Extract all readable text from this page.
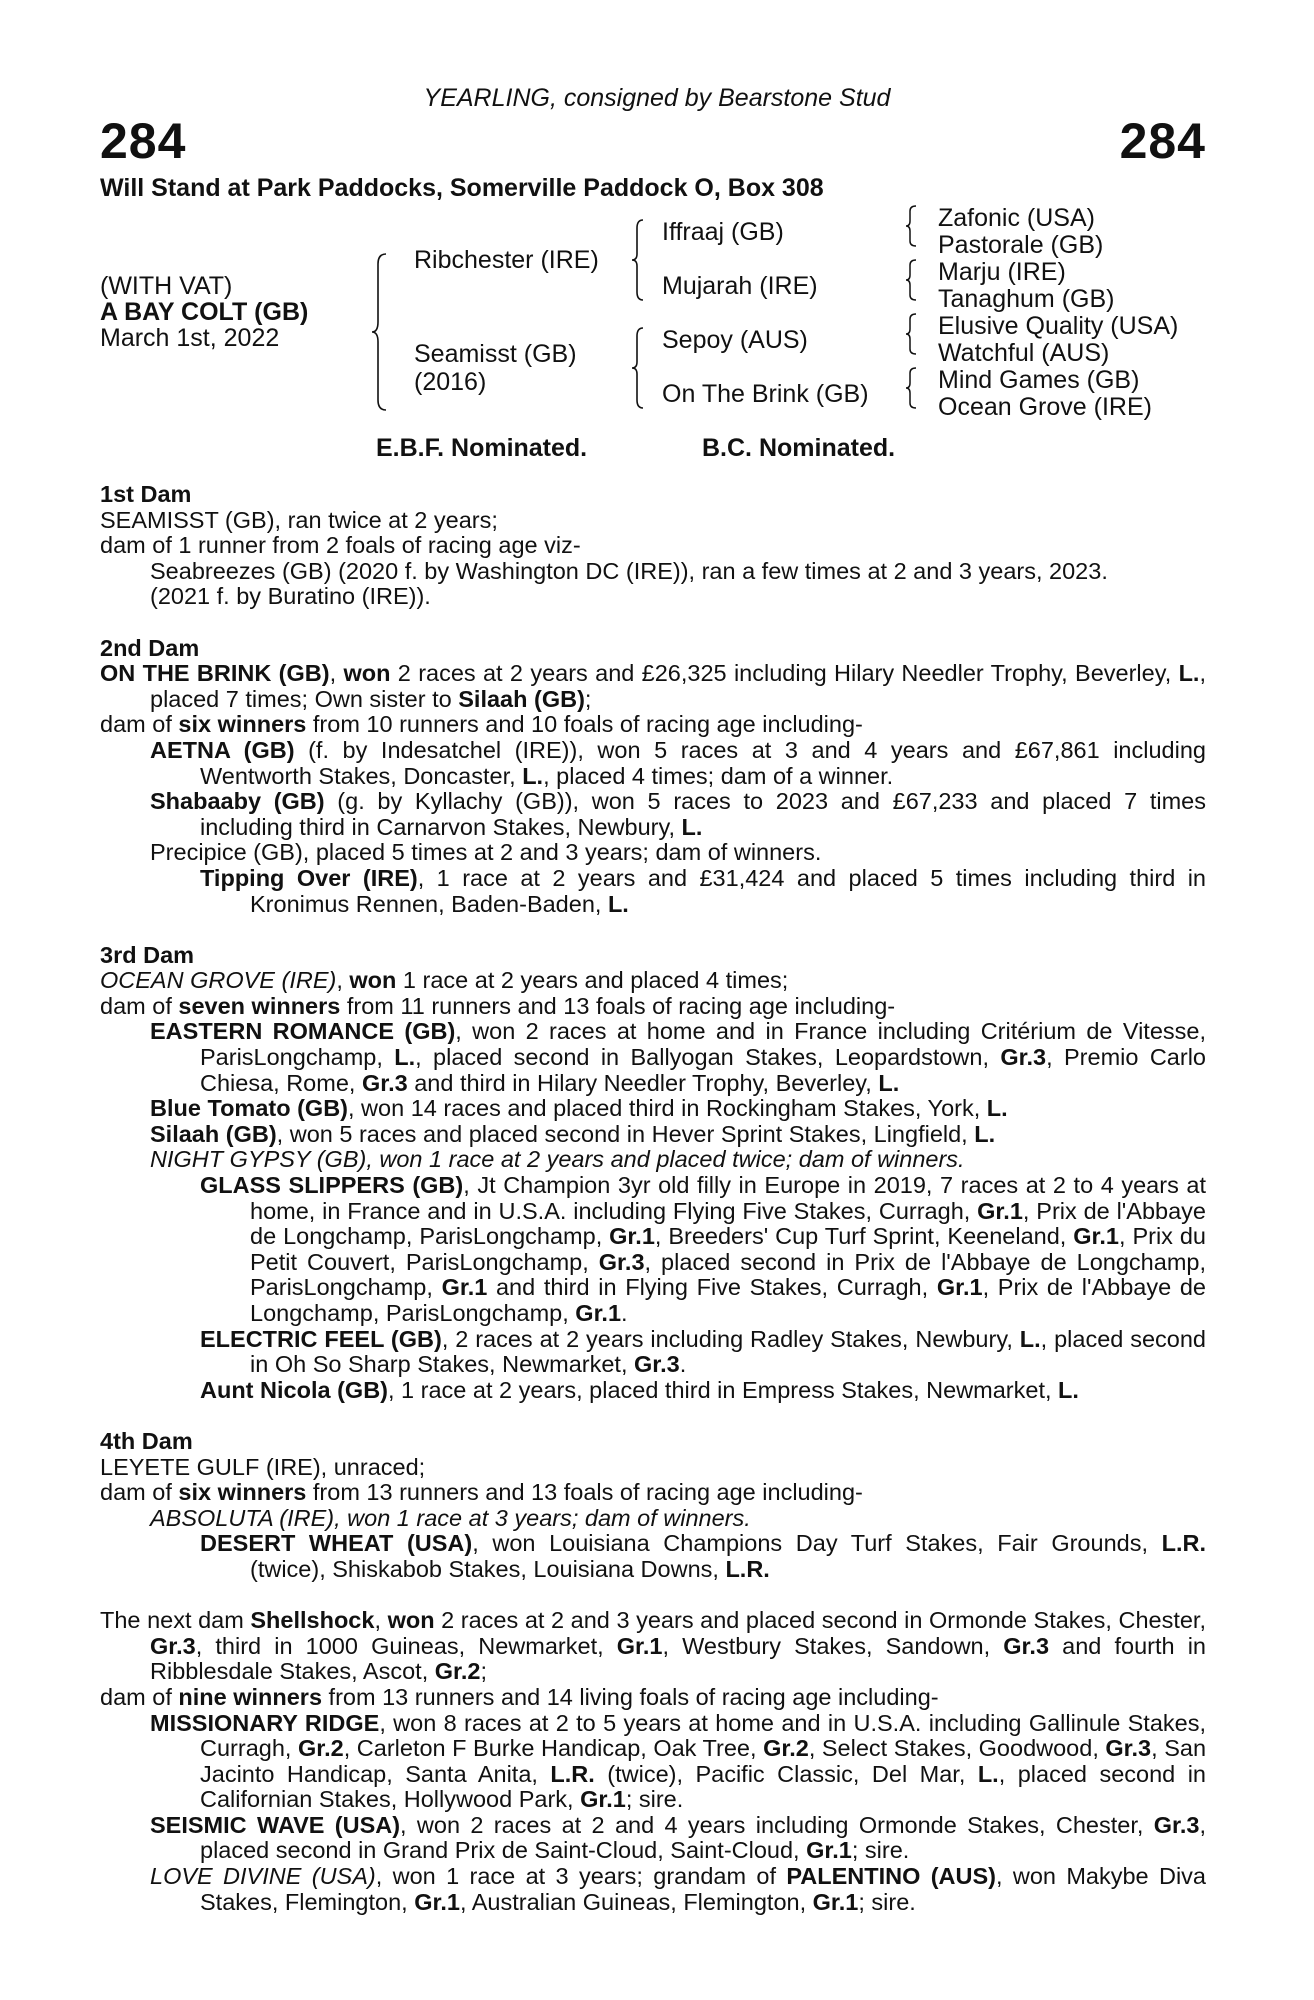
YEARLING, consigned by Bearstone Stud
284	284
Will Stand at Park Paddocks, Somerville Paddock O, Box 308
(WITH VAT)
A BAY COLT (GB)
March 1st, 2022
Ribchester (IRE)
Seamisst (GB)
(2016)
Iffraaj (GB)
Mujarah (IRE)
Sepoy (AUS)
On The Brink (GB)
Zafonic (USA)
Pastorale (GB)
Marju (IRE)
Tanaghum (GB)
Elusive Quality (USA)
Watchful (AUS)
Mind Games (GB)
Ocean Grove (IRE)
E.B.F. Nominated.	B.C. Nominated.
1st Dam
SEAMISST (GB), ran twice at 2 years;
dam of 1 runner from 2 foals of racing age viz-
Seabreezes (GB) (2020 f. by Washington DC (IRE)), ran a few times at 2 and 3 years, 2023.
(2021 f. by Buratino (IRE)).
2nd Dam
ON THE BRINK (GB), won 2 races at 2 years and £26,325 including Hilary Needler Trophy, Beverley, L., placed 7 times; Own sister to Silaah (GB);
dam of six winners from 10 runners and 10 foals of racing age including-
AETNA (GB) (f. by Indesatchel (IRE)), won 5 races at 3 and 4 years and £67,861 including Wentworth Stakes, Doncaster, L., placed 4 times; dam of a winner.
Shabaaby (GB) (g. by Kyllachy (GB)), won 5 races to 2023 and £67,233 and placed 7 times including third in Carnarvon Stakes, Newbury, L.
Precipice (GB), placed 5 times at 2 and 3 years; dam of winners.
Tipping Over (IRE), 1 race at 2 years and £31,424 and placed 5 times including third in Kronimus Rennen, Baden-Baden, L.
3rd Dam
OCEAN GROVE (IRE), won 1 race at 2 years and placed 4 times;
dam of seven winners from 11 runners and 13 foals of racing age including-
EASTERN ROMANCE (GB), won 2 races at home and in France including Critérium de Vitesse, ParisLongchamp, L., placed second in Ballyogan Stakes, Leopardstown, Gr.3, Premio Carlo Chiesa, Rome, Gr.3 and third in Hilary Needler Trophy, Beverley, L.
Blue Tomato (GB), won 14 races and placed third in Rockingham Stakes, York, L.
Silaah (GB), won 5 races and placed second in Hever Sprint Stakes, Lingfield, L.
NIGHT GYPSY (GB), won 1 race at 2 years and placed twice; dam of winners.
GLASS SLIPPERS (GB), Jt Champion 3yr old filly in Europe in 2019, 7 races at 2 to 4 years at home, in France and in U.S.A. including Flying Five Stakes, Curragh, Gr.1, Prix de l'Abbaye de Longchamp, ParisLongchamp, Gr.1, Breeders' Cup Turf Sprint, Keeneland, Gr.1, Prix du Petit Couvert, ParisLongchamp, Gr.3, placed second in Prix de l'Abbaye de Longchamp, ParisLongchamp, Gr.1 and third in Flying Five Stakes, Curragh, Gr.1, Prix de l'Abbaye de Longchamp, ParisLongchamp, Gr.1.
ELECTRIC FEEL (GB), 2 races at 2 years including Radley Stakes, Newbury, L., placed second in Oh So Sharp Stakes, Newmarket, Gr.3.
Aunt Nicola (GB), 1 race at 2 years, placed third in Empress Stakes, Newmarket, L.
4th Dam
LEYETE GULF (IRE), unraced;
dam of six winners from 13 runners and 13 foals of racing age including-
ABSOLUTA (IRE), won 1 race at 3 years; dam of winners.
DESERT WHEAT (USA), won Louisiana Champions Day Turf Stakes, Fair Grounds, L.R. (twice), Shiskabob Stakes, Louisiana Downs, L.R.
The next dam Shellshock, won 2 races at 2 and 3 years and placed second in Ormonde Stakes, Chester, Gr.3, third in 1000 Guineas, Newmarket, Gr.1, Westbury Stakes, Sandown, Gr.3 and fourth in Ribblesdale Stakes, Ascot, Gr.2;
dam of nine winners from 13 runners and 14 living foals of racing age including-
MISSIONARY RIDGE, won 8 races at 2 to 5 years at home and in U.S.A. including Gallinule Stakes, Curragh, Gr.2, Carleton F Burke Handicap, Oak Tree, Gr.2, Select Stakes, Goodwood, Gr.3, San Jacinto Handicap, Santa Anita, L.R. (twice), Pacific Classic, Del Mar, L., placed second in Californian Stakes, Hollywood Park, Gr.1; sire.
SEISMIC WAVE (USA), won 2 races at 2 and 4 years including Ormonde Stakes, Chester, Gr.3, placed second in Grand Prix de Saint-Cloud, Saint-Cloud, Gr.1; sire.
LOVE DIVINE (USA), won 1 race at 3 years; grandam of PALENTINO (AUS), won Makybe Diva Stakes, Flemington, Gr.1, Australian Guineas, Flemington, Gr.1; sire.
